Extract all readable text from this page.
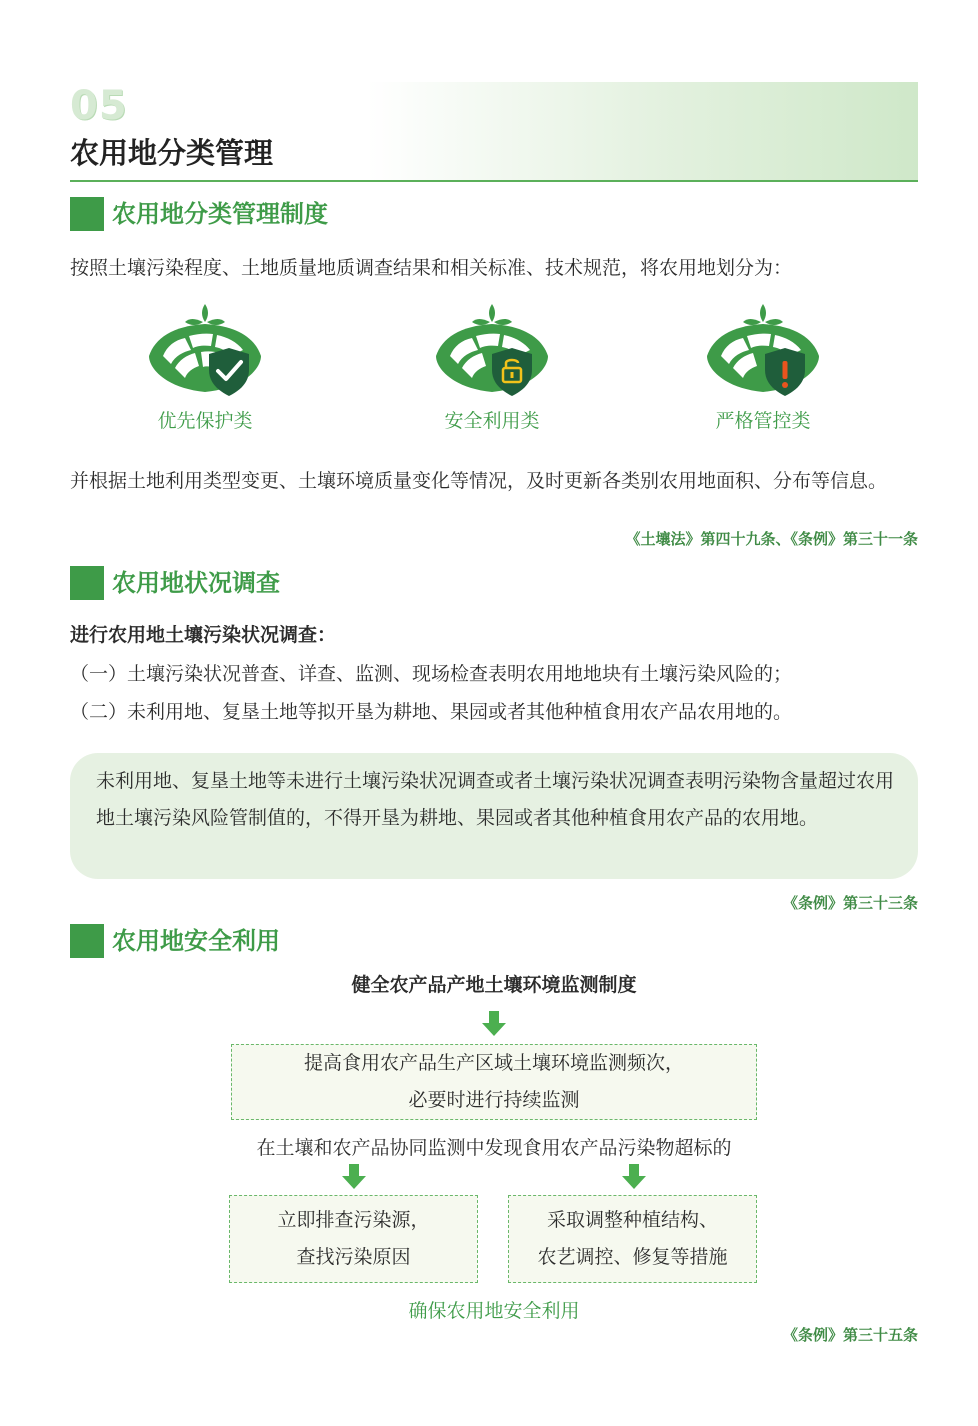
05
农用地分类管理
农用地分类管理制度
按照土壤污染程度、土地质量地质调查结果和相关标准、技术规范，将农用地划分为：
优先保护类	安全利用类	严格管控类
并根据土地利用类型变更、土壤环境质量变化等情况，及时更新各类别农用地面积、分布等信息。
《土壤法》第四十九条、《条例》第三十一条
农用地状况调查
进行农用地土壤污染状况调查：
（一）土壤污染状况普查、详查、监测、现场检查表明农用地地块有土壤污染风险的；
（二）未利用地、复垦土地等拟开垦为耕地、果园或者其他种植食用农产品农用地的。
未利用地、复垦土地等未进行土壤污染状况调查或者土壤污染状况调查表明污染物含量超过农用地土壤污染风险管制值的，不得开垦为耕地、果园或者其他种植食用农产品的农用地。
《条例》第三十三条
农用地安全利用
健全农产品产地土壤环境监测制度
提高食用农产品生产区域土壤环境监测频次，
必要时进行持续监测
在土壤和农产品协同监测中发现食用农产品污染物超标的
立即排查污染源，
查找污染原因
采取调整种植结构、
农艺调控、修复等措施
确保农用地安全利用
《条例》第三十五条
